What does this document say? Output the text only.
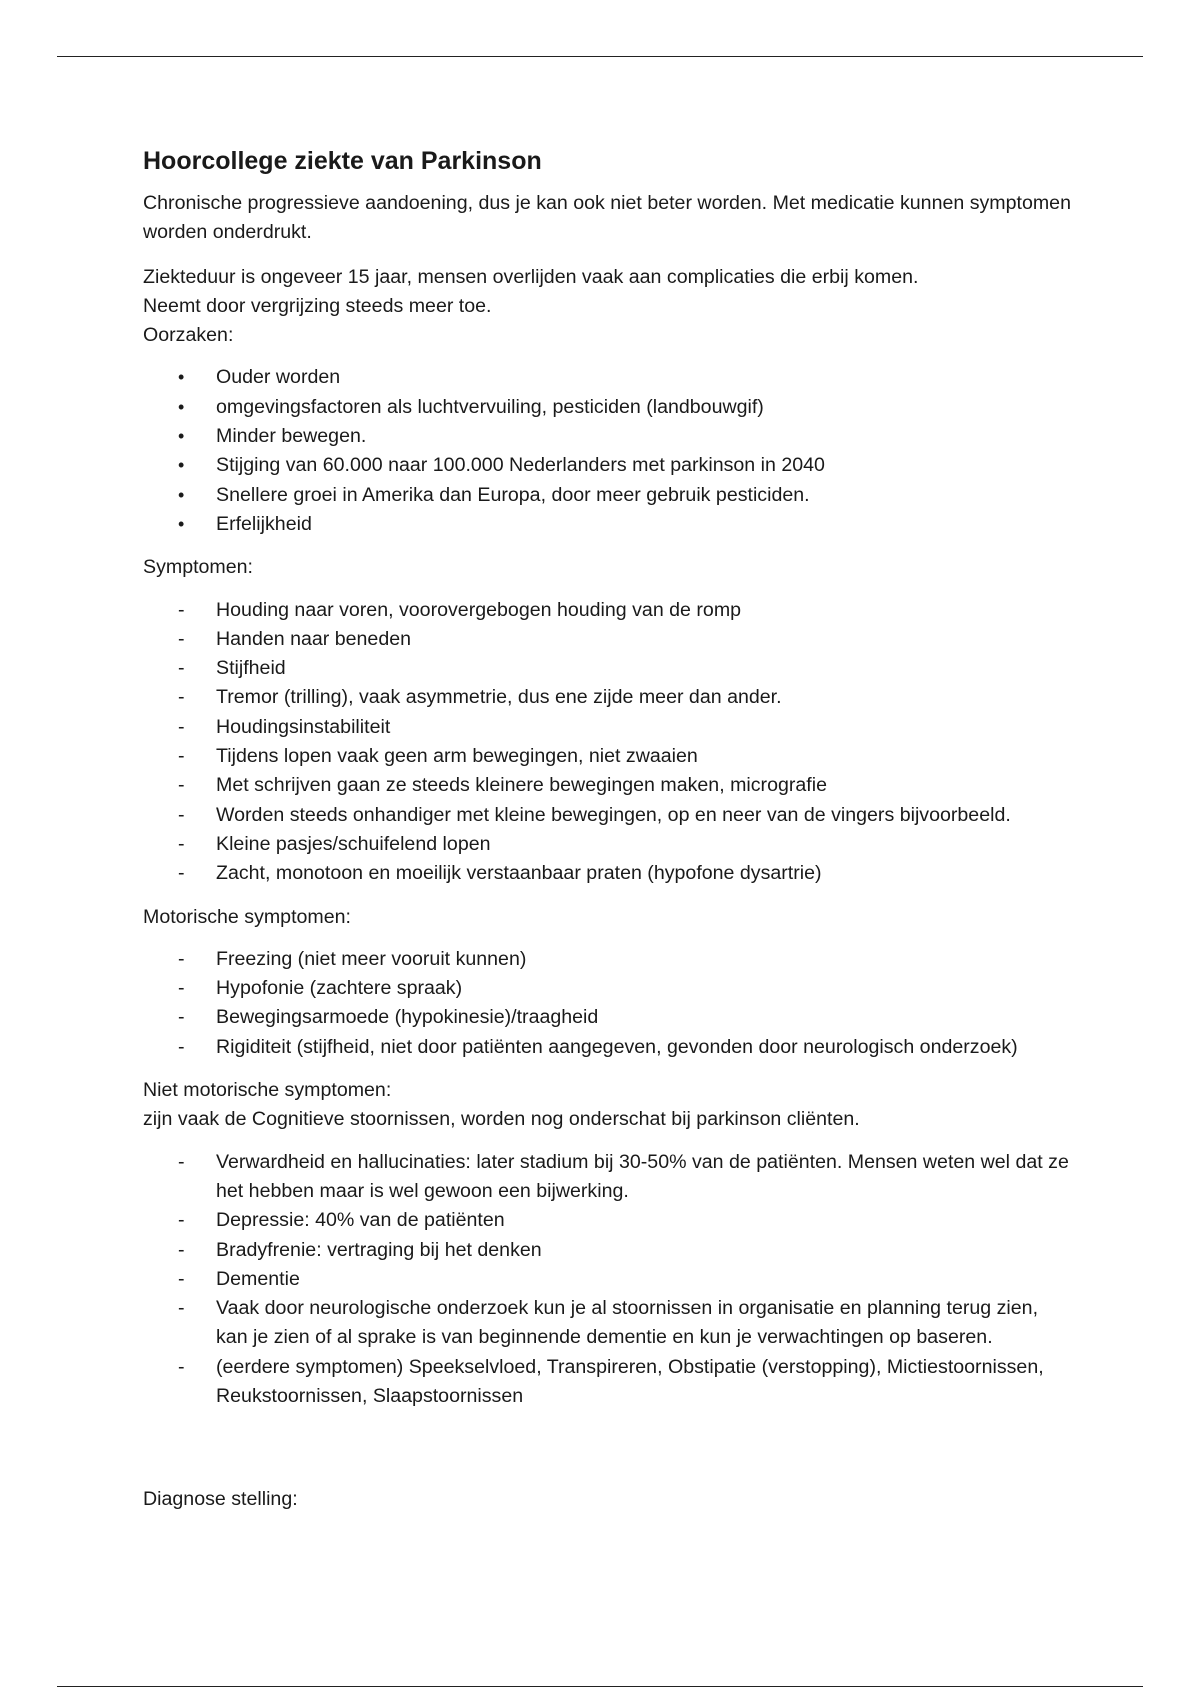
Hoorcollege ziekte van Parkinson

Chronische progressieve aandoening, dus je kan ook niet beter worden. Met medicatie kunnen symptomen worden onderdrukt.

Ziekteduur is ongeveer 15 jaar, mensen overlijden vaak aan complicaties die erbij komen.

Neemt door vergrijzing steeds meer toe.

Oorzaken:

•	Ouder worden
•	omgevingsfactoren als luchtvervuiling, pesticiden (landbouwgif)
•	Minder bewegen.
•	Stijging van 60.000 naar 100.000 Nederlanders met parkinson in 2040
•	Snellere groei in Amerika dan Europa, door meer gebruik pesticiden.
•	Erfelijkheid

Symptomen:

-	Houding naar voren, voorovergebogen houding van de romp
-	Handen naar beneden
-	Stijfheid
-	Tremor (trilling), vaak asymmetrie, dus ene zijde meer dan ander.
-	Houdingsinstabiliteit
-	Tijdens lopen vaak geen arm bewegingen, niet zwaaien
-	Met schrijven gaan ze steeds kleinere bewegingen maken, micrografie
-	Worden steeds onhandiger met kleine bewegingen, op en neer van de vingers bijvoorbeeld.
-	Kleine pasjes/schuifelend lopen
-	Zacht, monotoon en moeilijk verstaanbaar praten (hypofone dysartrie)

Motorische symptomen:

-	Freezing (niet meer vooruit kunnen)
-	Hypofonie (zachtere spraak)
-	Bewegingsarmoede (hypokinesie)/traagheid
-	Rigiditeit (stijfheid, niet door patiënten aangegeven, gevonden door neurologisch onderzoek)

Niet motorische symptomen:

zijn vaak de Cognitieve stoornissen, worden nog onderschat bij parkinson cliënten.

-	Verwardheid en hallucinaties: later stadium bij 30-50% van de patiënten. Mensen weten wel dat ze het hebben maar is wel gewoon een bijwerking.
-	Depressie: 40% van de patiënten
-	Bradyfrenie: vertraging bij het denken
-	Dementie
-	Vaak door neurologische onderzoek kun je al stoornissen in organisatie en planning terug zien, kan je zien of al sprake is van beginnende dementie en kun je verwachtingen op baseren.
-	(eerdere symptomen) Speekselvloed, Transpireren, Obstipatie (verstopping), Mictiestoornissen, Reukstoornissen, Slaapstoornissen

Diagnose stelling:
